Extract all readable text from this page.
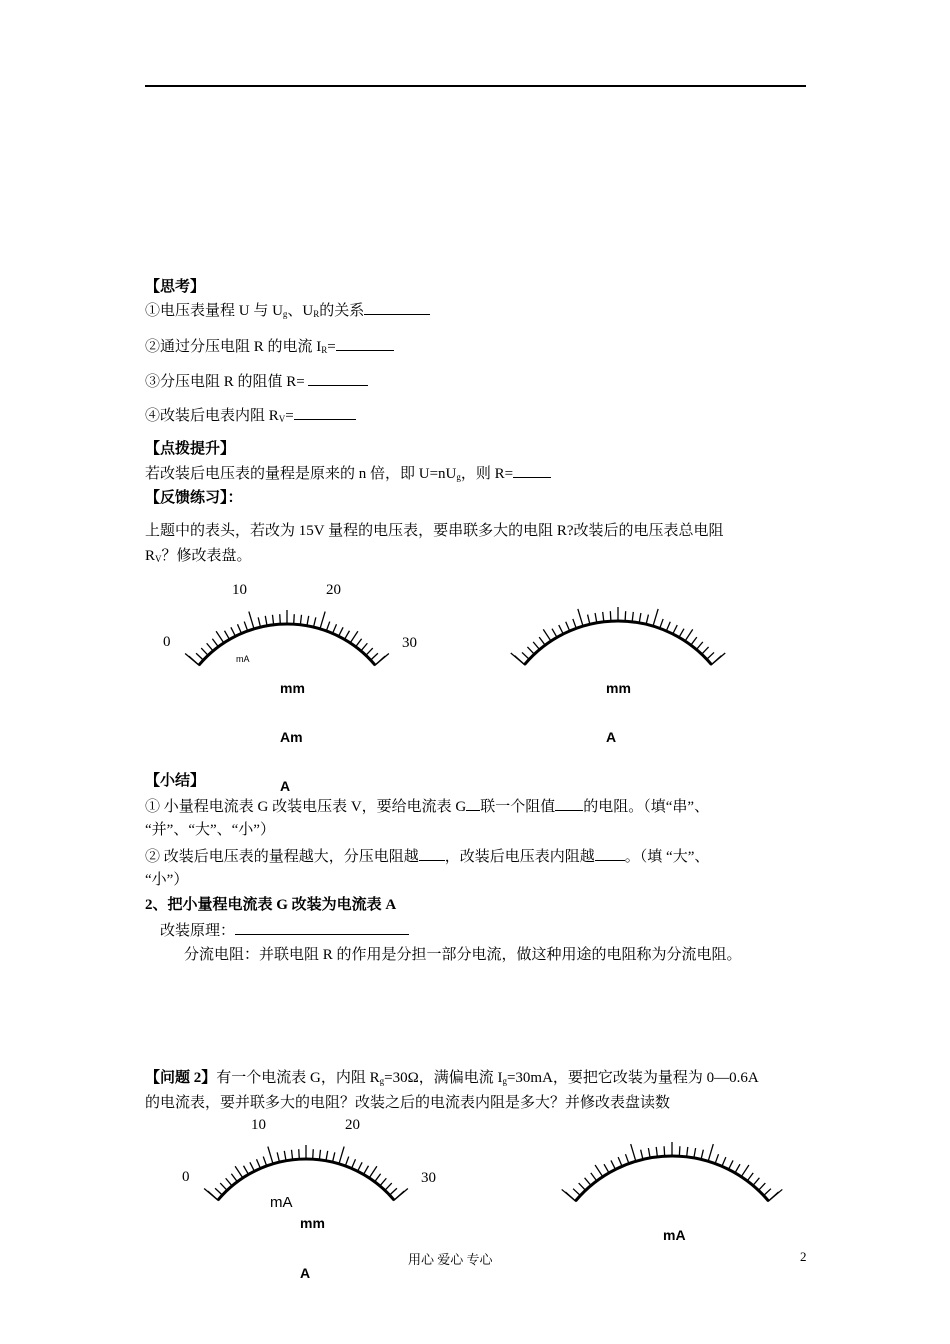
【思考】
①电压表量程 U 与 $U_g$、$U_R$的关系
②通过分压电阻 R 的电流 $I_R=$
③分压电阻 R 的阻值 R=
④改装后电表内阻 $R_V=$
【点拨提升】
若改装后电压表的量程是原来的 n 倍，即 $U=nU_g$，则 R=
【反馈练习】：
上题中的表头，若改为 15V 量程的电压表，要串联多大的电阻 R?改装后的电压表总电阻
$R_V$？修改表盘。
0
10	20
30
mA
mm
Am
mm
A
【小结】	A
① 小量程电流表 G 改装电压表 V，要给电流表 G 联一个阻值 的电阻。（填“串”、
“并”、“大”、“小”）
② 改装后电压表的量程越大，分压电阻越 ，改装后电压表内阻越 。（填 “大”、
“小”）
2、把小量程电流表 G 改装为电流表 A
改装原理：
分流电阻：并联电阻 R 的作用是分担一部分电流，做这种用途的电阻称为分流电阻。
【问题 2】有一个电流表 G，内阻 $R_g=30\Omega$，满偏电流 $I_g=30mA$，要把它改装为量程为 0—0.6A
的电流表，要并联多大的电阻？改装之后的电流表内阻是多大？并修改表盘读数
0
10	20
30
mA
mm
A
mA
用心 爱心 专心	2
